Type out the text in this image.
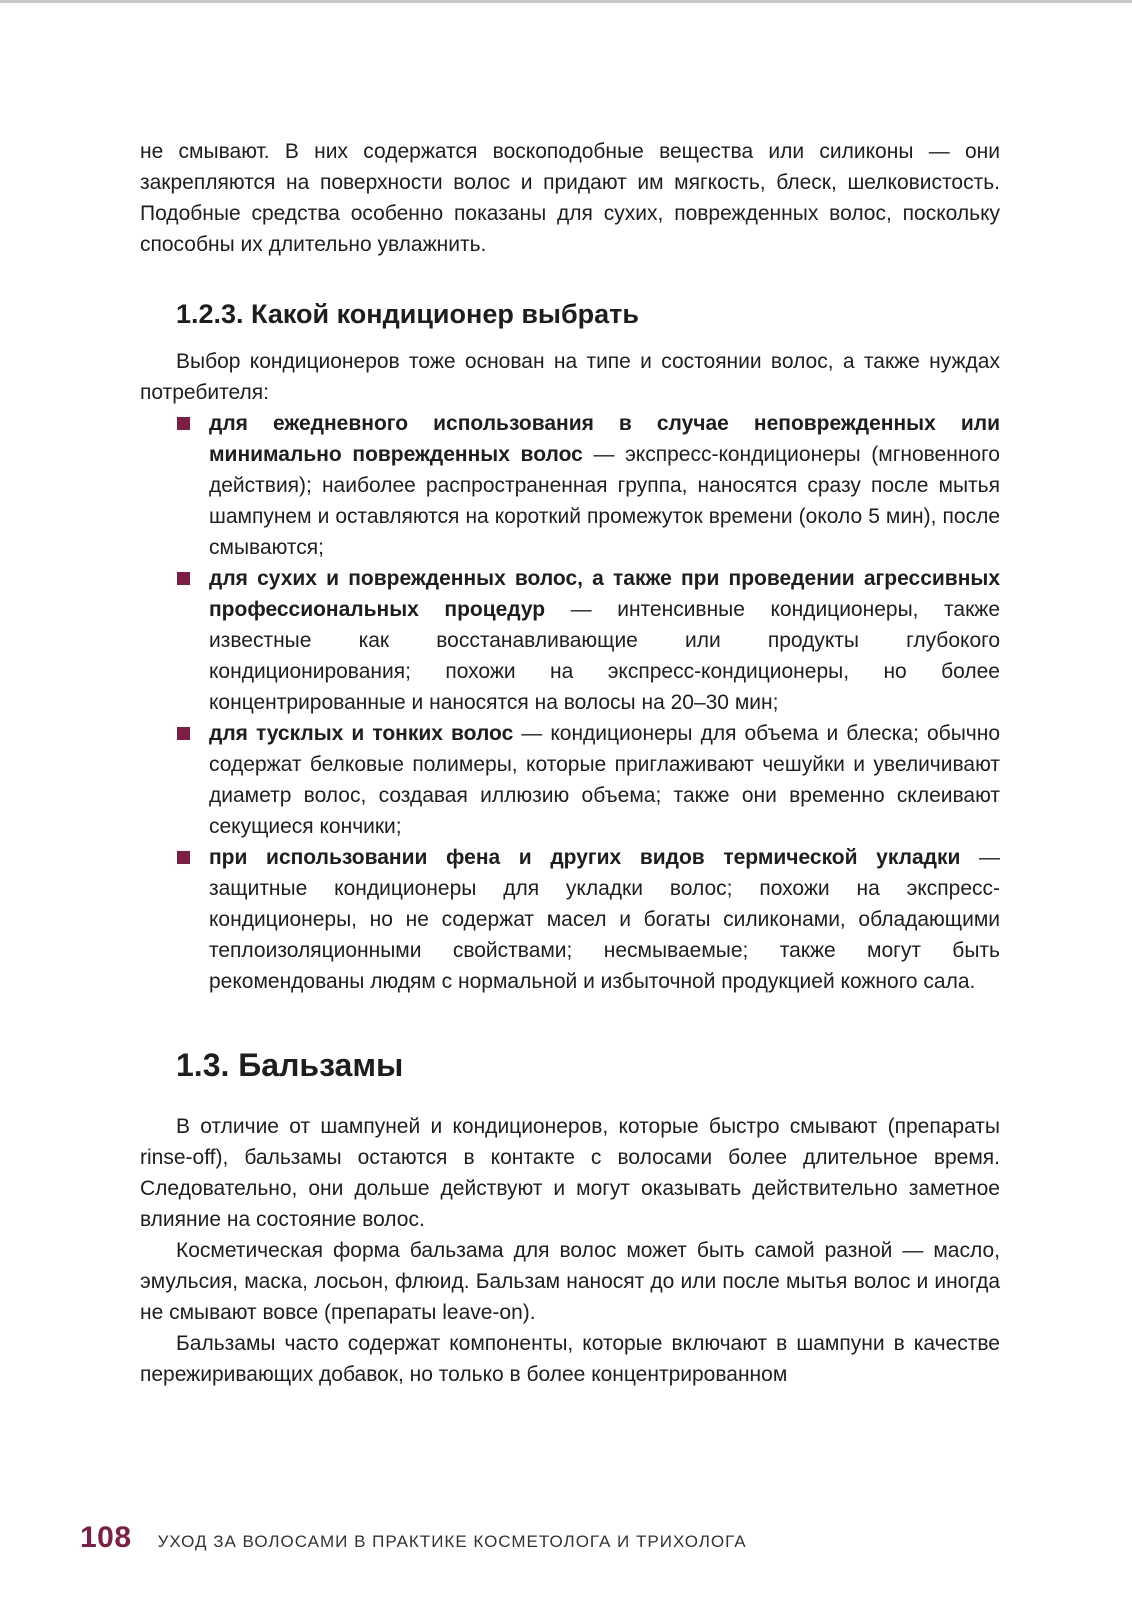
не смывают. В них содержатся воскоподобные вещества или силиконы — они закрепляются на поверхности волос и придают им мягкость, блеск, шелковистость. Подобные средства особенно показаны для сухих, поврежденных волос, поскольку способны их длительно увлажнить.

1.2.3. Какой кондиционер выбрать

Выбор кондиционеров тоже основан на типе и состоянии волос, а также нуждах потребителя:

для ежедневного использования в случае неповрежденных или минимально поврежденных волос — экспресс-кондиционеры (мгновенного действия); наиболее распространенная группа, наносятся сразу после мытья шампунем и оставляются на короткий промежуток времени (около 5 мин), после смываются;
для сухих и поврежденных волос, а также при проведении агрессивных профессиональных процедур — интенсивные кондиционеры, также известные как восстанавливающие или продукты глубокого кондиционирования; похожи на экспресс-кондиционеры, но более концентрированные и наносятся на волосы на 20–30 мин;
для тусклых и тонких волос — кондиционеры для объема и блеска; обычно содержат белковые полимеры, которые приглаживают чешуйки и увеличивают диаметр волос, создавая иллюзию объема; также они временно склеивают секущиеся кончики;
при использовании фена и других видов термической укладки — защитные кондиционеры для укладки волос; похожи на экспресс-кондиционеры, но не содержат масел и богаты силиконами, обладающими теплоизоляционными свойствами; несмываемые; также могут быть рекомендованы людям с нормальной и избыточной продукцией кожного сала.
1.3. Бальзамы

В отличие от шампуней и кондиционеров, которые быстро смывают (препараты rinse-off), бальзамы остаются в контакте с волосами более длительное время. Следовательно, они дольше действуют и могут оказывать действительно заметное влияние на состояние волос.

Косметическая форма бальзама для волос может быть самой разной — масло, эмульсия, маска, лосьон, флюид. Бальзам наносят до или после мытья волос и иногда не смывают вовсе (препараты leave-on).

Бальзамы часто содержат компоненты, которые включают в шампуни в качестве пережиривающих добавок, но только в более концентрированном

108 УХОД ЗА ВОЛОСАМИ В ПРАКТИКЕ КОСМЕТОЛОГА И ТРИХОЛОГА
